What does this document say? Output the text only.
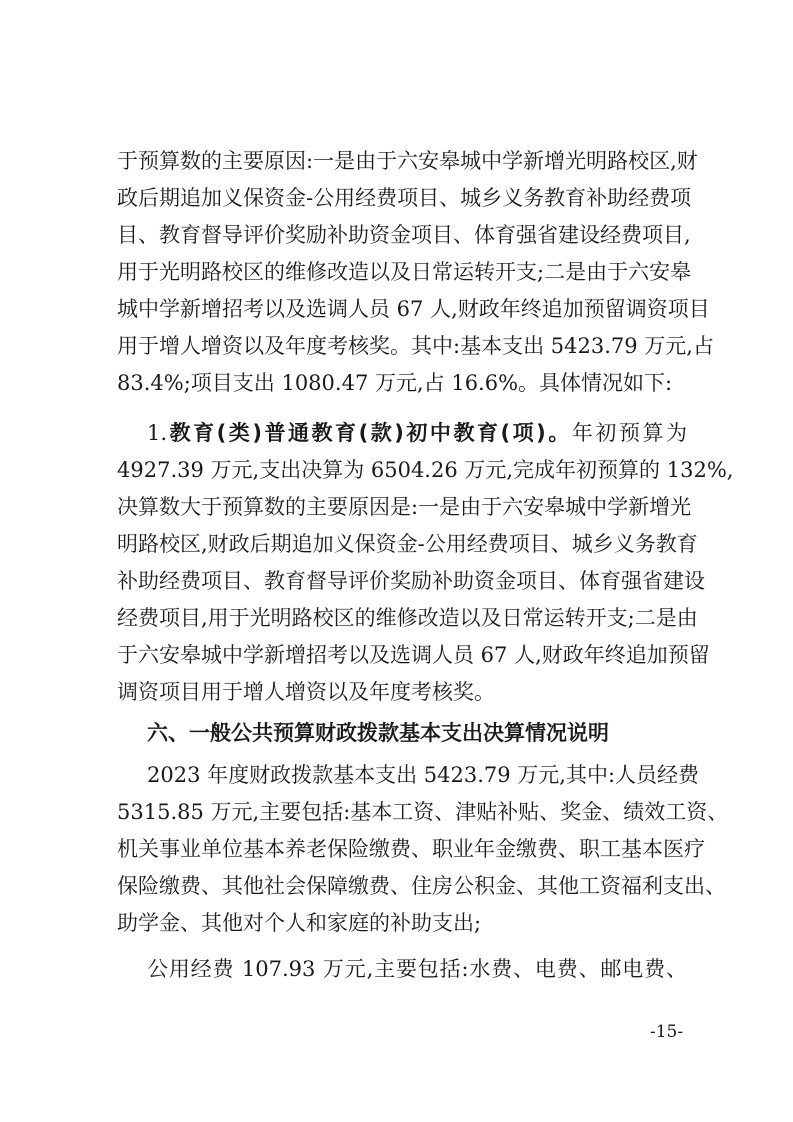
于预算数的主要原因:一是由于六安皋城中学新增光明路校区,财
政后期追加义保资金-公用经费项目、城乡义务教育补助经费项
目、教育督导评价奖励补助资金项目、体育强省建设经费项目,
用于光明路校区的维修改造以及日常运转开支;二是由于六安皋
城中学新增招考以及选调人员 67 人,财政年终追加预留调资项目
用于增人增资以及年度考核奖。其中:基本支出 5423.79 万元,占
83.4%;项目支出 1080.47 万元,占 16.6%。具体情况如下:
1.教育(类)普通教育(款)初中教育(项)。年初预算为
4927.39 万元,支出决算为 6504.26 万元,完成年初预算的 132%,
决算数大于预算数的主要原因是:一是由于六安皋城中学新增光
明路校区,财政后期追加义保资金-公用经费项目、城乡义务教育
补助经费项目、教育督导评价奖励补助资金项目、体育强省建设
经费项目,用于光明路校区的维修改造以及日常运转开支;二是由
于六安皋城中学新增招考以及选调人员 67 人,财政年终追加预留
调资项目用于增人增资以及年度考核奖。
六、一般公共预算财政拨款基本支出决算情况说明
2023 年度财政拨款基本支出 5423.79 万元,其中:人员经费
5315.85 万元,主要包括:基本工资、津贴补贴、奖金、绩效工资、
机关事业单位基本养老保险缴费、职业年金缴费、职工基本医疗
保险缴费、其他社会保障缴费、住房公积金、其他工资福利支出、
助学金、其他对个人和家庭的补助支出;
公用经费 107.93 万元,主要包括:水费、电费、邮电费、
-15-
